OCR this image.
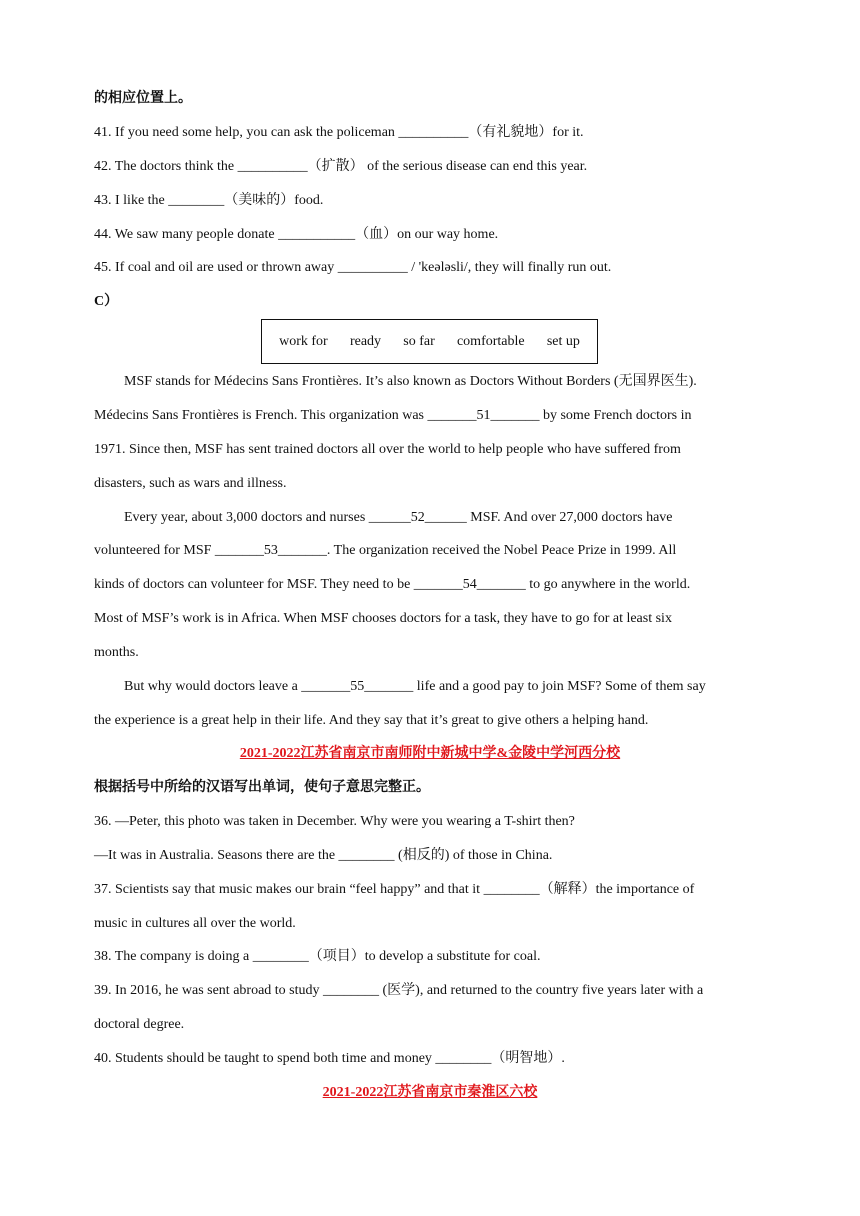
的相应位置上。
41. If you need some help, you can ask the policeman __________（有礼貌地）for it.
42. The doctors think the __________（扩散） of the serious disease can end this year.
43. I like the ________（美味的）food.
44. We saw many people donate ___________（血）on our way home.
45. If coal and oil are used or thrown away __________ / 'keələsli/, they will finally run out.
C）
work for ready so far comfortable set up
MSF stands for Médecins Sans Frontières. It’s also known as Doctors Without Borders (无国界医生).
Médecins Sans Frontières is French. This organization was _______51_______ by some French doctors in
1971. Since then, MSF has sent trained doctors all over the world to help people who have suffered from
disasters, such as wars and illness.
Every year, about 3,000 doctors and nurses ______52______ MSF. And over 27,000 doctors have
volunteered for MSF _______53_______. The organization received the Nobel Peace Prize in 1999. All
kinds of doctors can volunteer for MSF. They need to be _______54_______ to go anywhere in the world.
Most of MSF’s work is in Africa. When MSF chooses doctors for a task, they have to go for at least six
months.
But why would doctors leave a _______55_______ life and a good pay to join MSF? Some of them say
the experience is a great help in their life. And they say that it’s great to give others a helping hand.
2021-2022江苏省南京市南师附中新城中学&金陵中学河西分校
根据括号中所给的汉语写出单词，使句子意思完整正。
36. —Peter, this photo was taken in December. Why were you wearing a T-shirt then?
—It was in Australia. Seasons there are the ________ (相反的) of those in China.
37. Scientists say that music makes our brain “feel happy” and that it ________（解释）the importance of
music in cultures all over the world.
38. The company is doing a ________（项目）to develop a substitute for coal.
39. In 2016, he was sent abroad to study ________ (医学), and returned to the country five years later with a
doctoral degree.
40. Students should be taught to spend both time and money ________（明智地）.
2021-2022江苏省南京市秦淮区六校
